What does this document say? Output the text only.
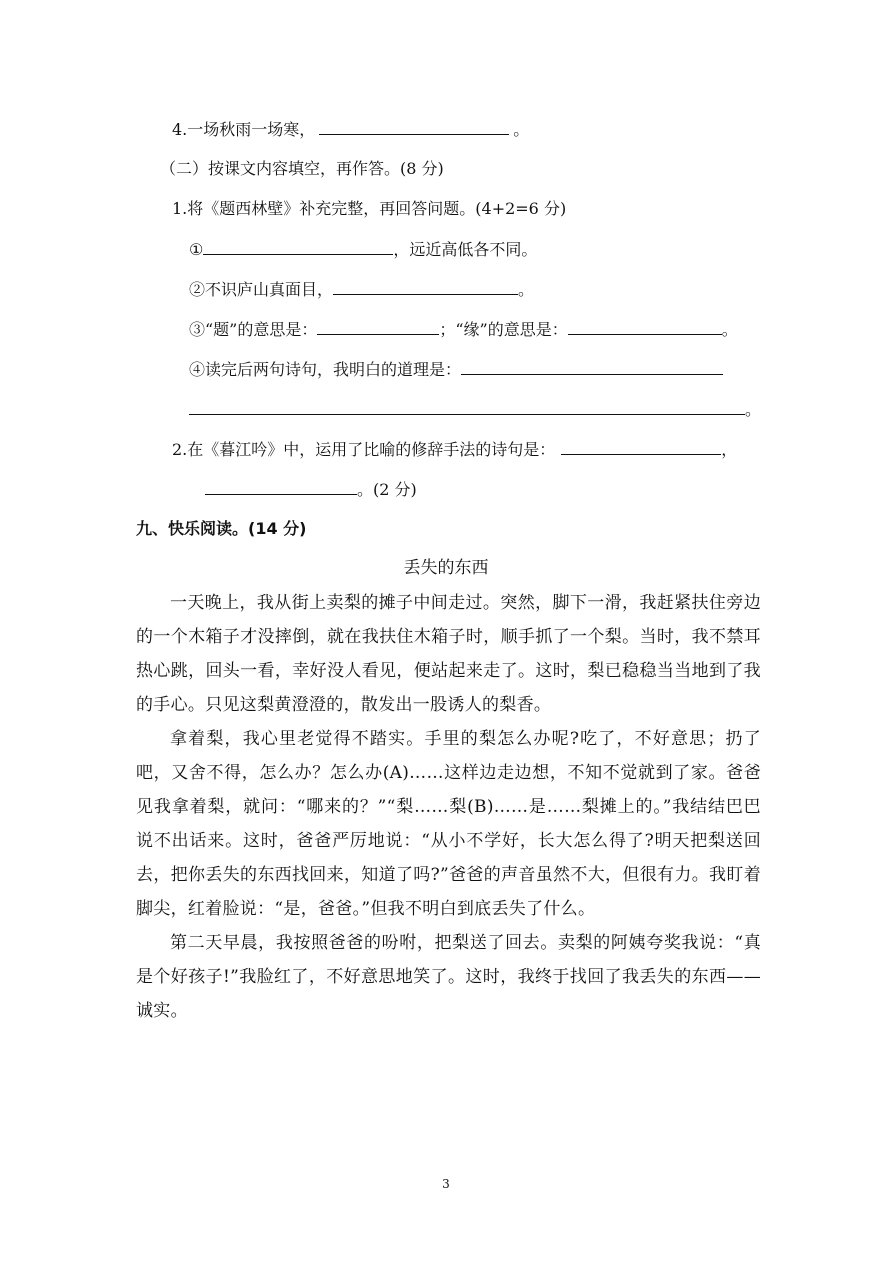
4.一场秋雨一场寒，	。
（二）按课文内容填空，再作答。(8 分)
1.将《题西林壁》补充完整，再回答问题。(4+2=6 分)
①	，远近高低各不同。
②不识庐山真面目，	。
③“题”的意思是：	；“缘”的意思是：	。
④读完后两句诗句，我明白的道理是：
。
2.在《暮江吟》中，运用了比喻的修辞手法的诗句是：	，
。(2 分)
九、快乐阅读。(14 分)
丢失的东西

一天晚上，我从街上卖梨的摊子中间走过。突然，脚下一滑，我赶紧扶住旁边的一个木箱子才没摔倒，就在我扶住木箱子时，顺手抓了一个梨。当时，我不禁耳热心跳，回头一看，幸好没人看见，便站起来走了。这时，梨已稳稳当当地到了我的手心。只见这梨黄澄澄的，散发出一股诱人的梨香。

拿着梨，我心里老觉得不踏实。手里的梨怎么办呢?吃了，不好意思；扔了吧，又舍不得，怎么办？怎么办(A)……这样边走边想，不知不觉就到了家。爸爸见我拿着梨，就问：“哪来的？”“梨……梨(B)……是……梨摊上的。”我结结巴巴说不出话来。这时，爸爸严厉地说：“从小不学好，长大怎么得了?明天把梨送回去，把你丢失的东西找回来，知道了吗?”爸爸的声音虽然不大，但很有力。我盯着脚尖，红着脸说：“是，爸爸。”但我不明白到底丢失了什么。

第二天早晨，我按照爸爸的吩咐，把梨送了回去。卖梨的阿姨夸奖我说：“真是个好孩子!”我脸红了，不好意思地笑了。这时，我终于找回了我丢失的东西——诚实。

3
